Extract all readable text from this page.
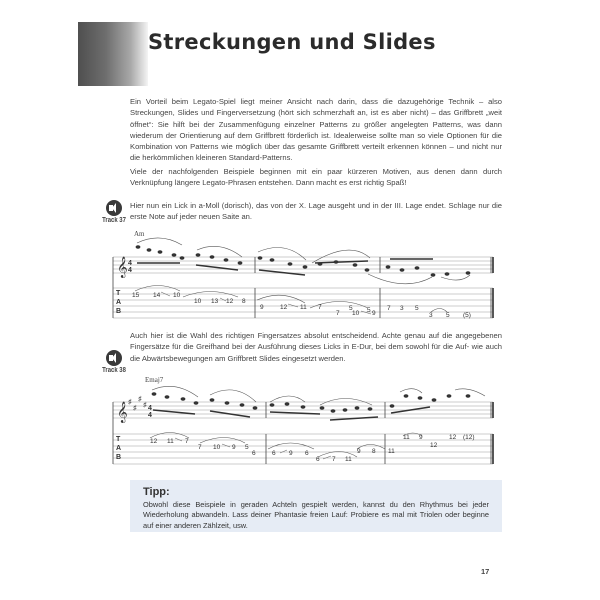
Streckungen und Slides
Ein Vorteil beim Legato-Spiel liegt meiner Ansicht nach darin, dass die dazugehörige Technik – also Streckungen, Slides und Fingerversetzung (hört sich schmerzhaft an, ist es aber nicht) – das Griffbrett „weit öffnet“: Sie hilft bei der Zusammenfügung einzelner Patterns zu größer angelegten Patterns, was dann wiederum der Orientierung auf dem Griffbrett förderlich ist. Idealerweise sollte man so viele Optionen für die Kombination von Patterns wie möglich über das gesamte Griffbrett verteilt erkennen können – und nicht nur die herkömmlichen kleineren Standard-Patterns.
Viele der nachfolgenden Beispiele beginnen mit ein paar kürzeren Motiven, aus denen dann durch Verknüpfung längere Legato-Phrasen entstehen. Dann macht es erst richtig Spaß!
Track 37
Hier nun ein Lick in a-Moll (dorisch), das von der X. Lage ausgeht und in der III. Lage endet. Schlage nur die erste Note auf jeder neuen Saite an.
Am
Track 38
Auch hier ist die Wahl des richtigen Fingersatzes absolut entscheidend. Achte genau auf die angegebenen Fingersätze für die Greifhand bei der Ausführung dieses Licks in E-Dur, bei dem sowohl für die Auf- wie auch die Abwärtsbewegungen am Griffbrett Slides eingesetzt werden.
Emaj7
𝄞 4
4
T
A
B
15 14 10
10 13 12 8
9	12 11 7
7 10 9
5 5	7 3 5
3 5 (5)
𝄞 ♯
♯
♯
♯ 4
4
T
A
B
12 11 7
7 10 9 5
6	6 9 6
6 7 11
9 8 11
11 9
12
12 (12)
Tipp:
Obwohl diese Beispiele in geraden Achteln gespielt werden, kannst du den Rhythmus bei jeder Wiederholung abwandeln. Lass deiner Phantasie freien Lauf: Probiere es mal mit Triolen oder beginne auf einer anderen Zählzeit, usw.
17
